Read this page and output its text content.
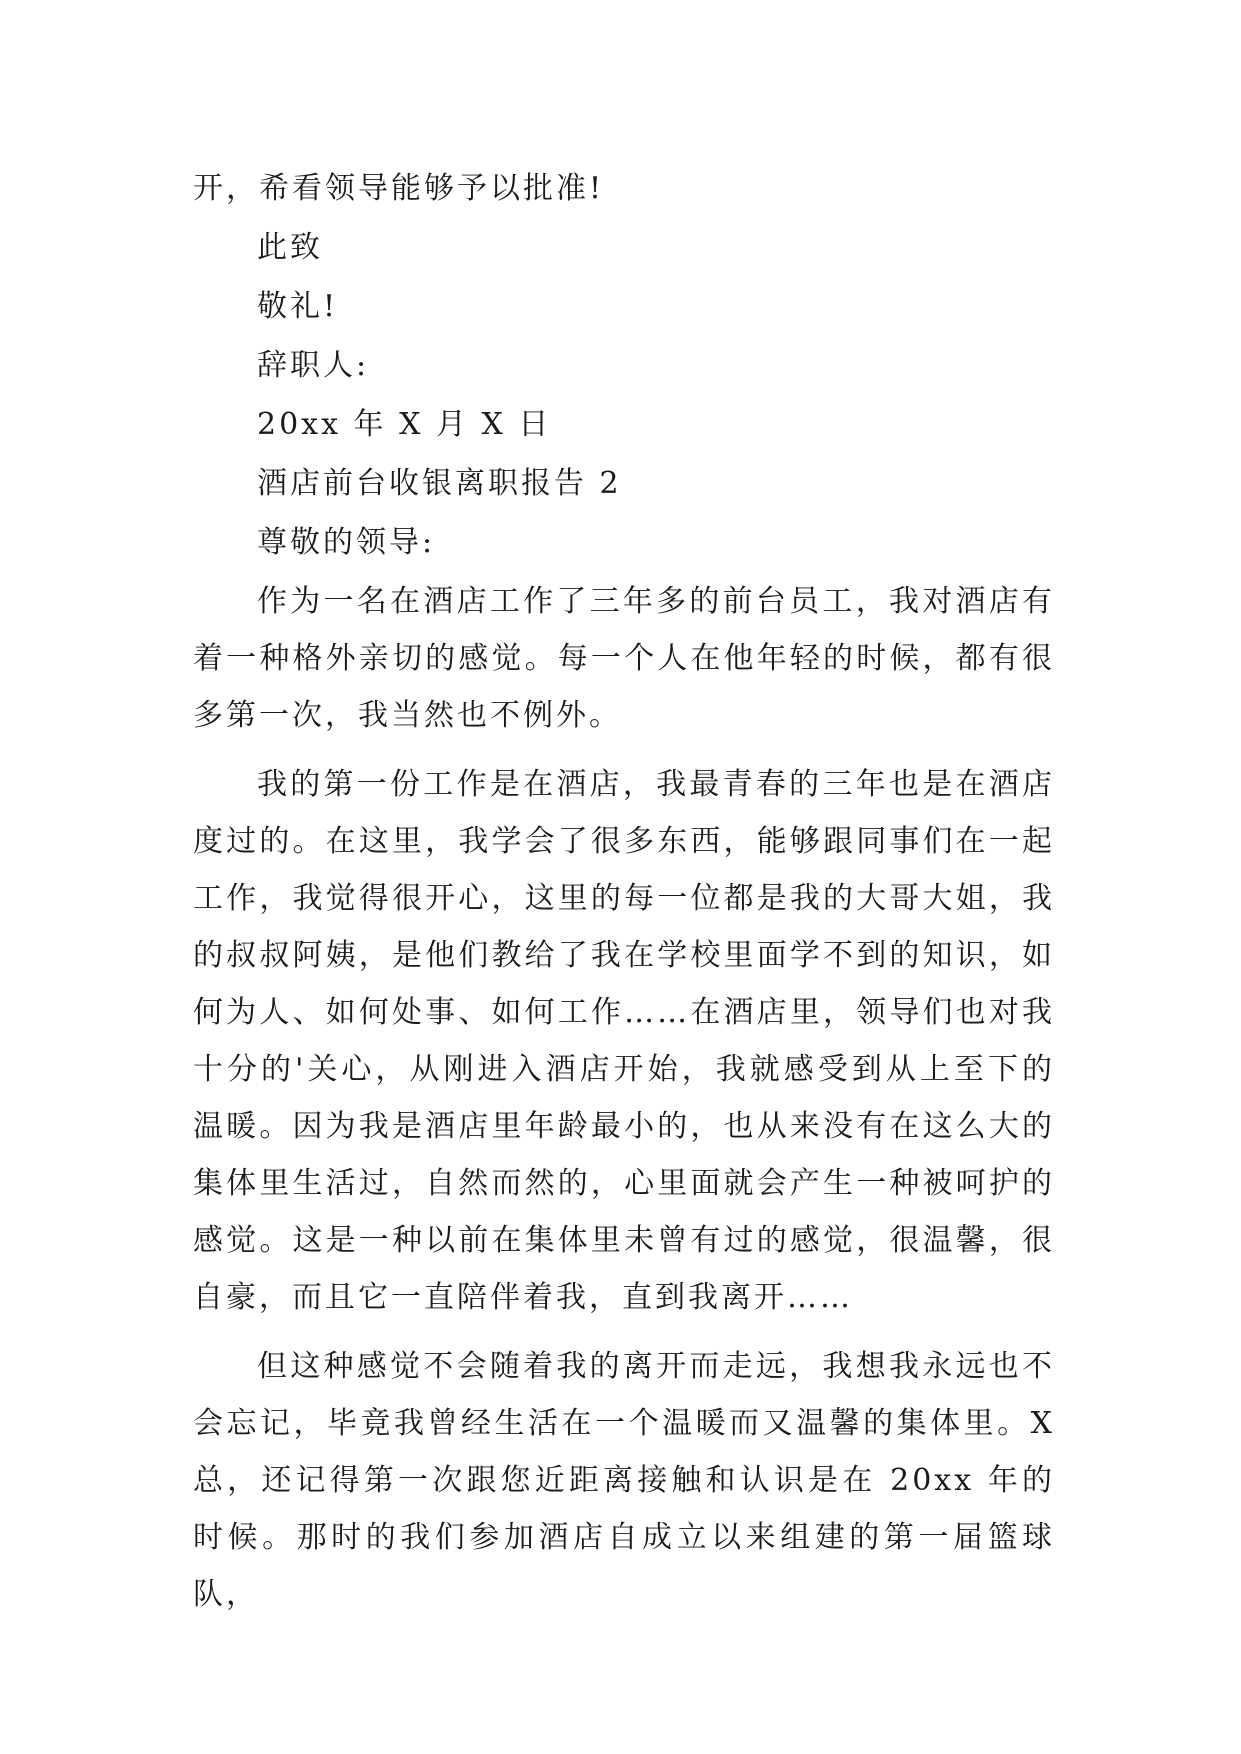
开，希看领导能够予以批准!

此致

敬礼!

辞职人:

20xx 年 X 月 X 日

酒店前台收银离职报告 2

尊敬的领导:

作为一名在酒店工作了三年多的前台员工，我对酒店有着一种格外亲切的感觉。每一个人在他年轻的时候，都有很多第一次，我当然也不例外。

我的第一份工作是在酒店，我最青春的三年也是在酒店度过的。在这里，我学会了很多东西，能够跟同事们在一起工作，我觉得很开心，这里的每一位都是我的大哥大姐，我的叔叔阿姨，是他们教给了我在学校里面学不到的知识，如何为人、如何处事、如何工作……在酒店里，领导们也对我十分的'关心，从刚进入酒店开始，我就感受到从上至下的温暖。因为我是酒店里年龄最小的，也从来没有在这么大的集体里生活过，自然而然的，心里面就会产生一种被呵护的感觉。这是一种以前在集体里未曾有过的感觉，很温馨，很自豪，而且它一直陪伴着我，直到我离开……

但这种感觉不会随着我的离开而走远，我想我永远也不会忘记，毕竟我曾经生活在一个温暖而又温馨的集体里。X 总，还记得第一次跟您近距离接触和认识是在 20xx 年的时候。那时的我们参加酒店自成立以来组建的第一届篮球队，
